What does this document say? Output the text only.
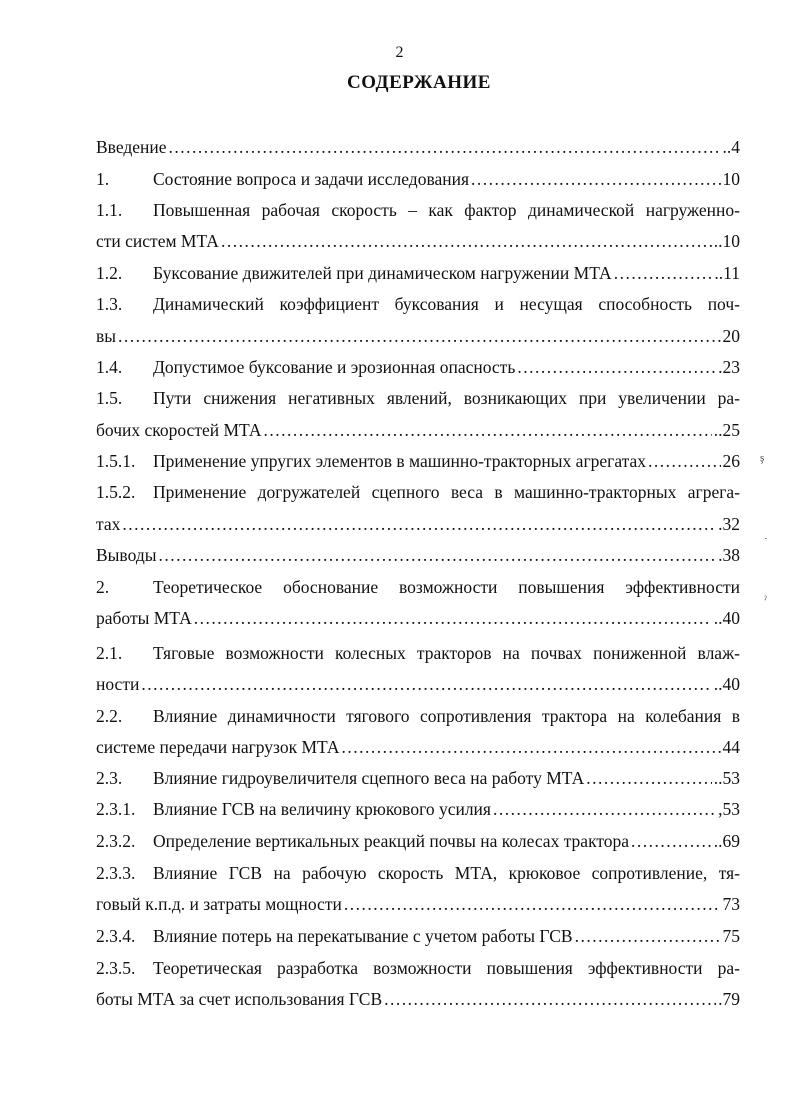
2
СОДЕРЖАНИЕ
Введение .....	..4
1.	Состояние вопроса и задачи исследования .....	10
1.1. Повышенная рабочая скорость – как фактор динамической нагруженно-
сти систем МТА .....	..10
1.2. Буксование движителей при динамическом нагружении МТА .....	..11
1.3. Динамический коэффициент буксования и несущая способность поч-
вы .....	20
1.4. Допустимое буксование и эрозионная опасность .....	.23
1.5. Пути снижения негативных явлений, возникающих при увеличении ра-
бочих скоростей МТА .....	..25
1.5.1. Применение упругих элементов в машинно-тракторных агрегатах .....	26
1.5.2. Применение догружателей сцепного веса в машинно-тракторных агрега-
тах .....	.32
Выводы .....	.38
2.	Теоретическое обоснование возможности повышения эффективности
работы МТА .....	..40
2.1. Тяговые возможности колесных тракторов на почвах пониженной влаж-
ности .....	..40
2.2. Влияние динамичности тягового сопротивления трактора на колебания в
системе передачи нагрузок МТА .....	44
2.3. Влияние гидроувеличителя сцепного веса на работу МТА .....	..53
2.3.1. Влияние ГСВ на величину крюкового усилия .....	,53
2.3.2. Определение вертикальных реакций почвы на колесах трактора .....	..69
2.3.3. Влияние ГСВ на рабочую скорость МТА, крюковое сопротивление, тя-
говый к.п.д. и затраты мощности .....	73
2.3.4. Влияние потерь на перекатывание с учетом работы ГСВ .....	75
2.3.5. Теоретическая разработка возможности повышения эффективности ра-
боты МТА за счет использования ГСВ .....	.79
ş
·
ˀ
